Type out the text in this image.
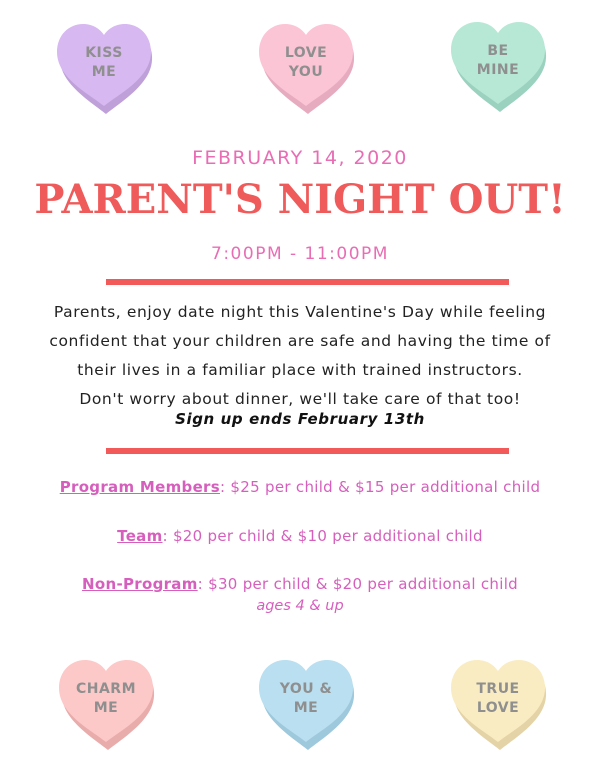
KISS
ME
LOVE
YOU
BE
MINE
FEBRUARY 14, 2020
PARENT'S NIGHT OUT!
7:00PM - 11:00PM
Parents, enjoy date night this Valentine's Day while feeling
confident that your children are safe and having the time of
their lives in a familiar place with trained instructors.
Don't worry about dinner, we'll take care of that too!
Sign up ends February 13th
Program Members: $25 per child & $15 per additional child
Team: $20 per child & $10 per additional child
Non-Program: $30 per child & $20 per additional child
ages 4 & up
CHARM
ME
YOU &
ME
TRUE
LOVE
